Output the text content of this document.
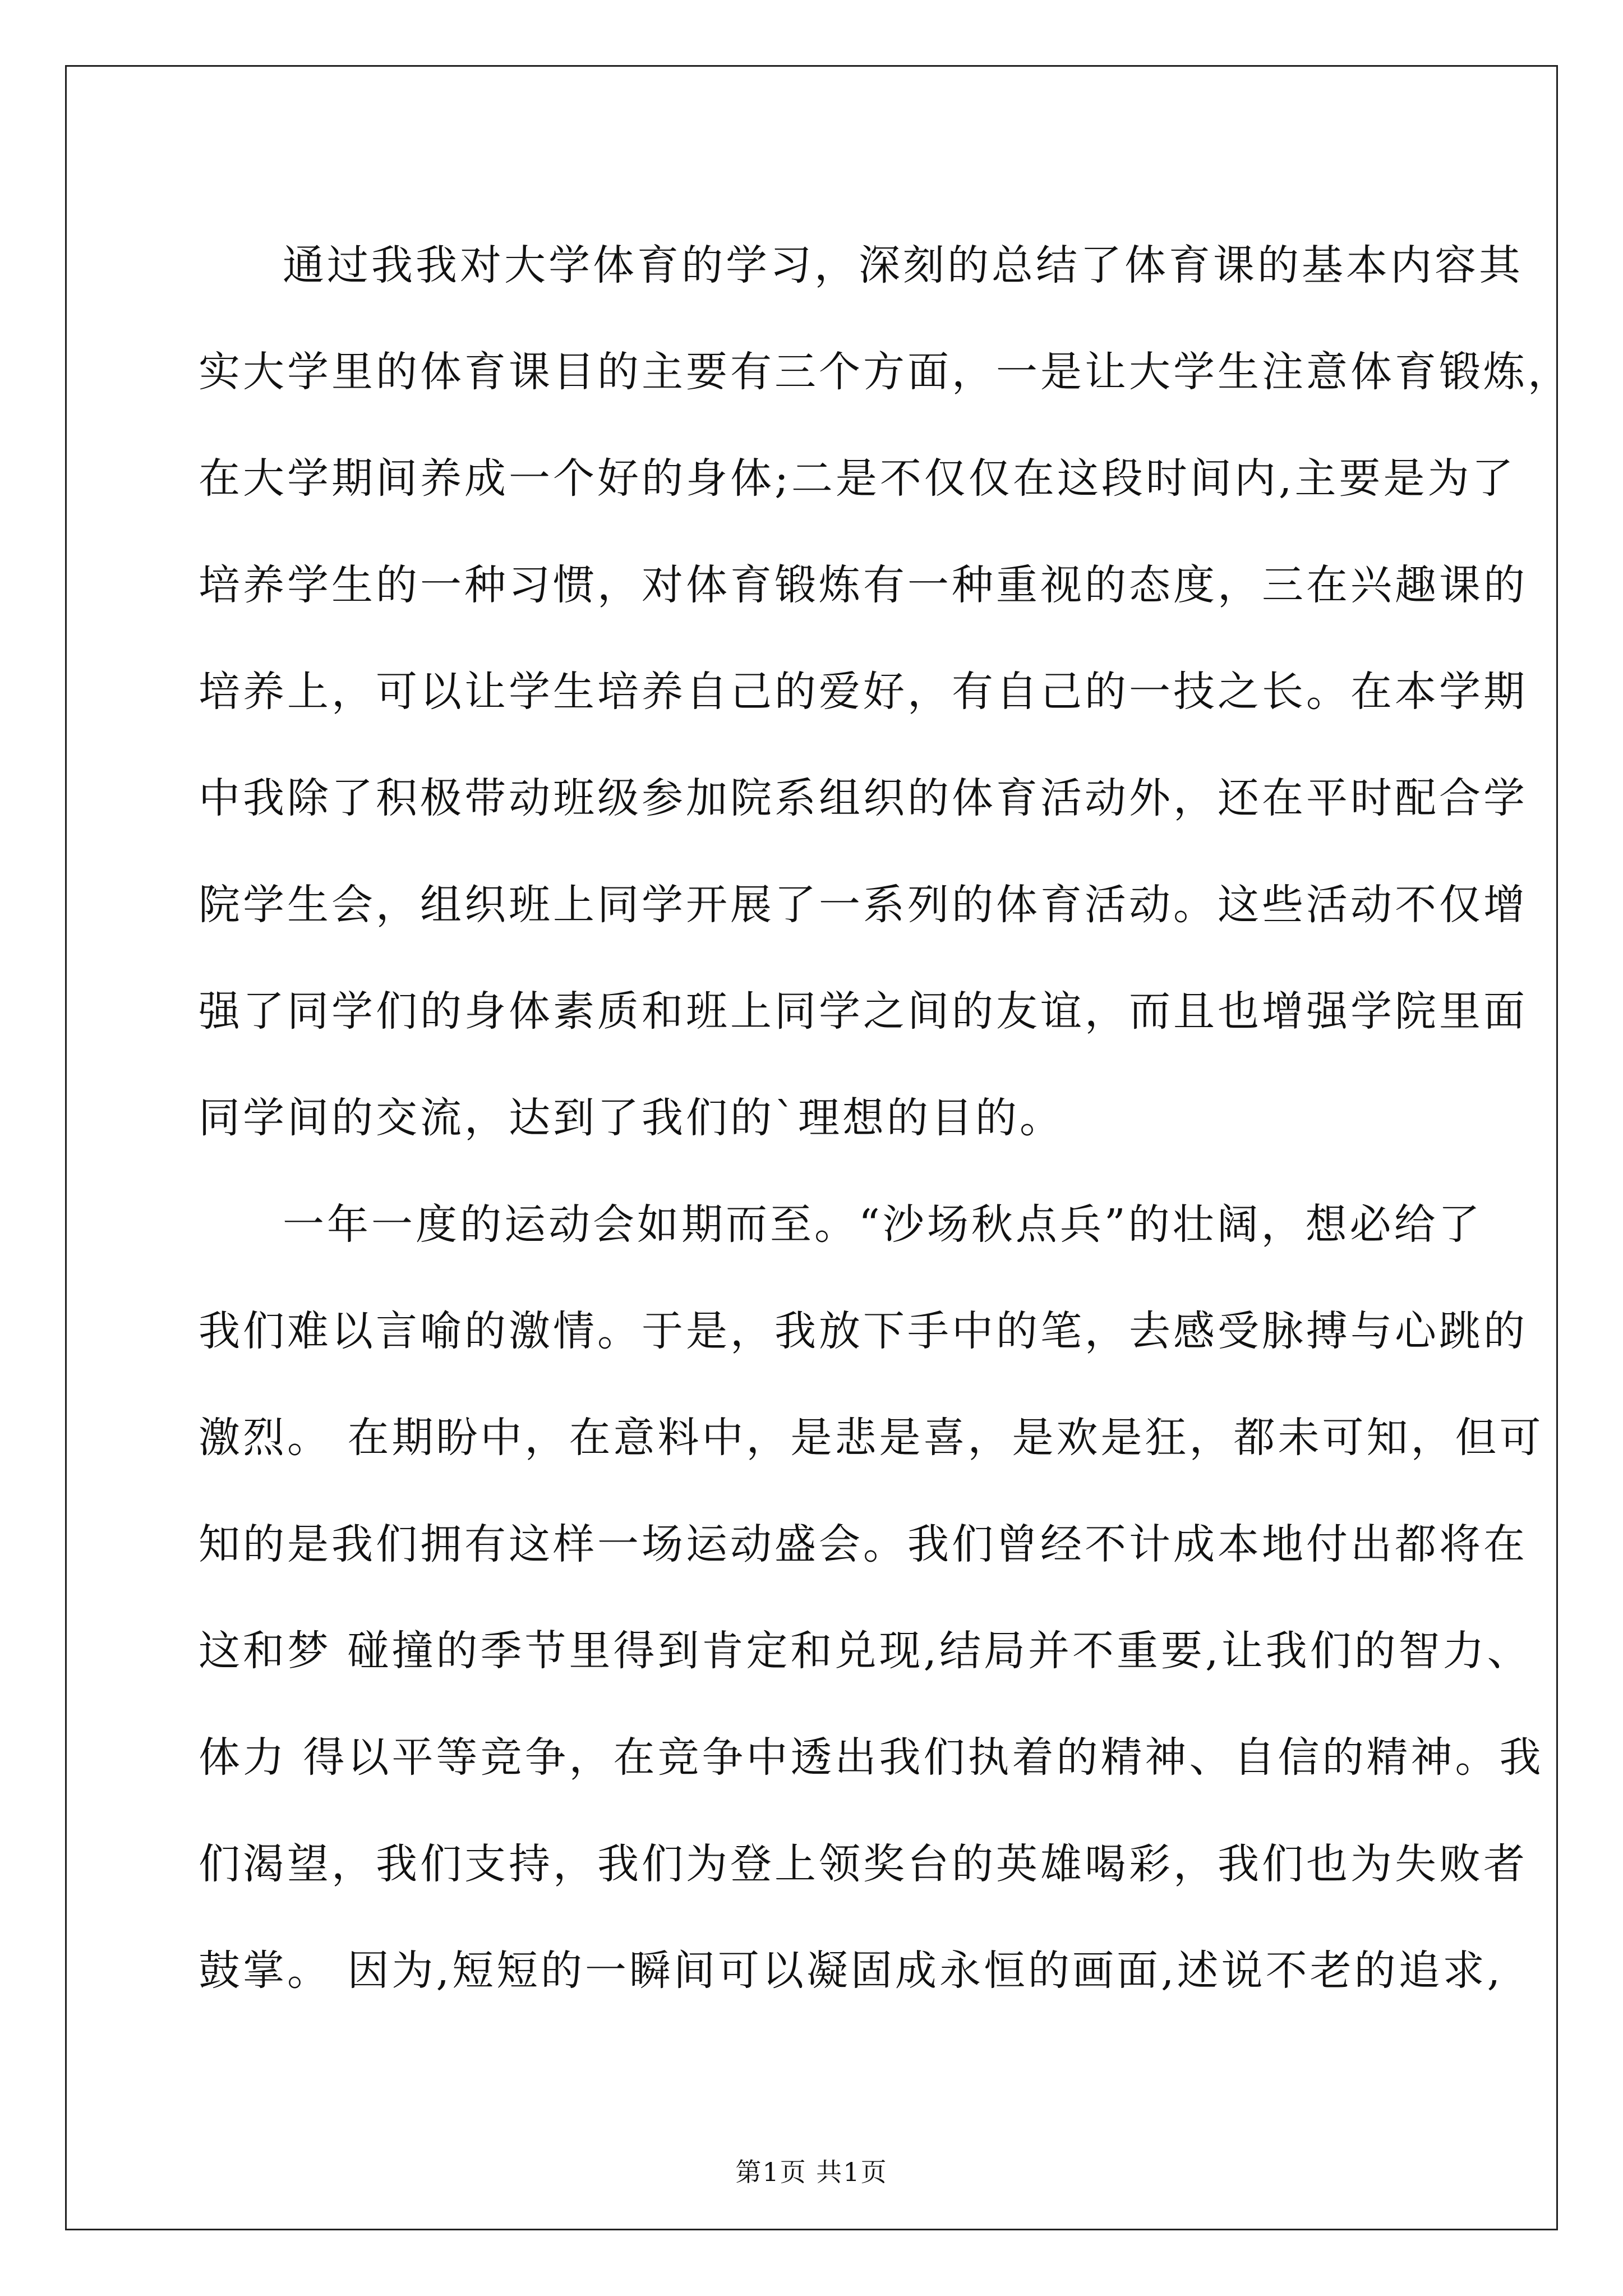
通过我我对大学体育的学习，深刻的总结了体育课的基本内容其
实大学里的体育课目的主要有三个方面，一是让大学生注意体育锻炼，
在大学期间养成一个好的身体;二是不仅仅在这段时间内,主要是为了
培养学生的一种习惯，对体育锻炼有一种重视的态度，三在兴趣课的
培养上，可以让学生培养自己的爱好，有自己的一技之长。在本学期
中我除了积极带动班级参加院系组织的体育活动外，还在平时配合学
院学生会，组织班上同学开展了一系列的体育活动。这些活动不仅增
强了同学们的身体素质和班上同学之间的友谊，而且也增强学院里面
同学间的交流，达到了我们的`理想的目的。
一年一度的运动会如期而至。“沙场秋点兵”的壮阔，想必给了
我们难以言喻的激情。于是，我放下手中的笔，去感受脉搏与心跳的
激烈。 在期盼中，在意料中，是悲是喜，是欢是狂，都未可知，但可
知的是我们拥有这样一场运动盛会。我们曾经不计成本地付出都将在
这和梦 碰撞的季节里得到肯定和兑现,结局并不重要,让我们的智力、
体力 得以平等竞争，在竞争中透出我们执着的精神、自信的精神。我
们渴望，我们支持，我们为登上领奖台的英雄喝彩，我们也为失败者
鼓掌。 因为,短短的一瞬间可以凝固成永恒的画面,述说不老的追求,
第1页 共1页
